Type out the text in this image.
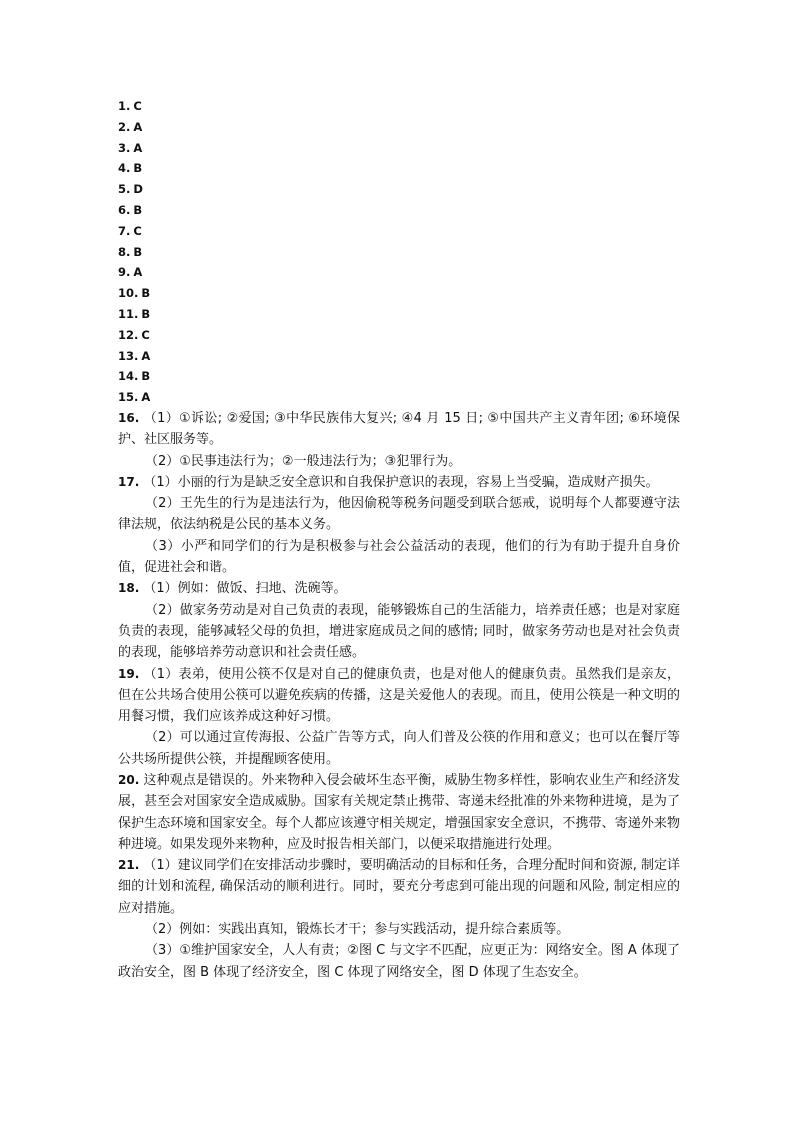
1. C
2. A
3. A
4. B
5. D
6. B
7. C
8. B
9. A
10. B
11. B
12. C
13. A
14. B
15. A

16. （1）①诉讼; ②爱国; ③中华民族伟大复兴; ④4 月 15 日; ⑤中国共产主义青年团; ⑥环境保护、社区服务等。

（2）①民事违法行为；②一般违法行为；③犯罪行为。

17. （1）小丽的行为是缺乏安全意识和自我保护意识的表现，容易上当受骗，造成财产损失。

（2）王先生的行为是违法行为，他因偷税等税务问题受到联合惩戒，说明每个人都要遵守法律法规，依法纳税是公民的基本义务。

（3）小严和同学们的行为是积极参与社会公益活动的表现，他们的行为有助于提升自身价值，促进社会和谐。

18. （1）例如：做饭、扫地、洗碗等。

（2）做家务劳动是对自己负责的表现，能够锻炼自己的生活能力，培养责任感；也是对家庭负责的表现，能够减轻父母的负担，增进家庭成员之间的感情; 同时，做家务劳动也是对社会负责的表现，能够培养劳动意识和社会责任感。

19. （1）表弟，使用公筷不仅是对自己的健康负责，也是对他人的健康负责。虽然我们是亲友，但在公共场合使用公筷可以避免疾病的传播，这是关爱他人的表现。而且，使用公筷是一种文明的用餐习惯，我们应该养成这种好习惯。

（2）可以通过宣传海报、公益广告等方式，向人们普及公筷的作用和意义；也可以在餐厅等公共场所提供公筷，并提醒顾客使用。

20. 这种观点是错误的。外来物种入侵会破坏生态平衡，威胁生物多样性，影响农业生产和经济发展，甚至会对国家安全造成威胁。国家有关规定禁止携带、寄递未经批准的外来物种进境，是为了保护生态环境和国家安全。每个人都应该遵守相关规定，增强国家安全意识，不携带、寄递外来物种进境。如果发现外来物种，应及时报告相关部门，以便采取措施进行处理。

21. （1）建议同学们在安排活动步骤时，要明确活动的目标和任务，合理分配时间和资源, 制定详细的计划和流程, 确保活动的顺利进行。同时，要充分考虑到可能出现的问题和风险, 制定相应的应对措施。

（2）例如：实践出真知，锻炼长才干；参与实践活动，提升综合素质等。

（3）①维护国家安全，人人有责；②图 C 与文字不匹配，应更正为：网络安全。图 A 体现了政治安全，图 B 体现了经济安全，图 C 体现了网络安全，图 D 体现了生态安全。
